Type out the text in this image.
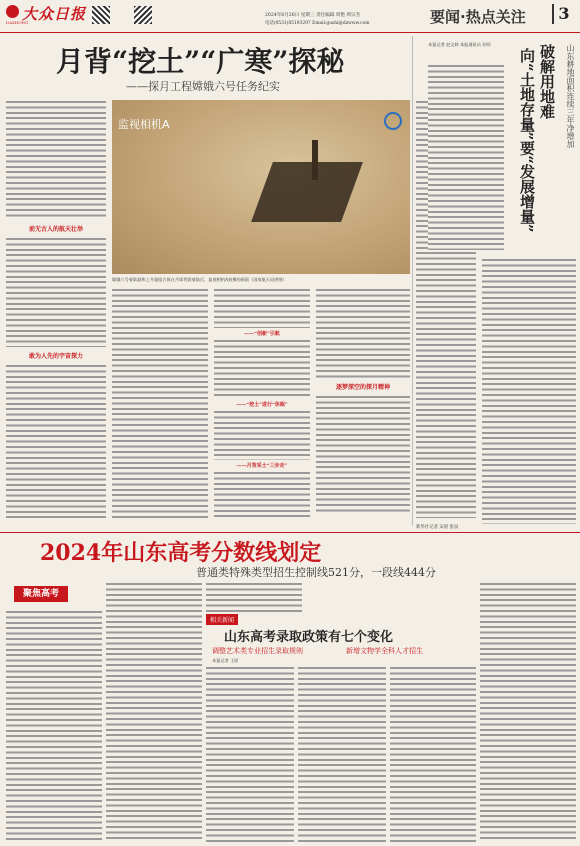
大众日报
DAZHONG
2024年6月26日 星期三 责任编辑 周艳 周宗杰
电话(0531)85193297 Email:gushi@dzwww.com	要闻·热点关注	3
月背“挖土”“广寒”探秘
——探月工程嫦娥六号任务纪实
监视相机A
嫦娥六号着陆器和上升器组合体在月球背面着陆后，监视相机A拍摄的画面（国家航天局供图）
前无古人的航天壮举
敢为人先的宇宙探力
——“创新”引航
——“挖土”进行“休眠”
——月背采土“三步走”
逐梦深空的探月精神
新华社记者 宋晨 张泉
本报记者 赵文婷 本报通讯员 杜明	山东耕地面积连续三年净增加
破解用地难
向“土地存量”要“发展增量”
2024年山东高考分数线划定
普通类特殊类型招生控制线521分，一段线444分
聚焦高考
相关新闻
山东高考录取政策有七个变化
调整艺术类专业招生录取规则	新增文物学全科人才招生
本报记者 王原
